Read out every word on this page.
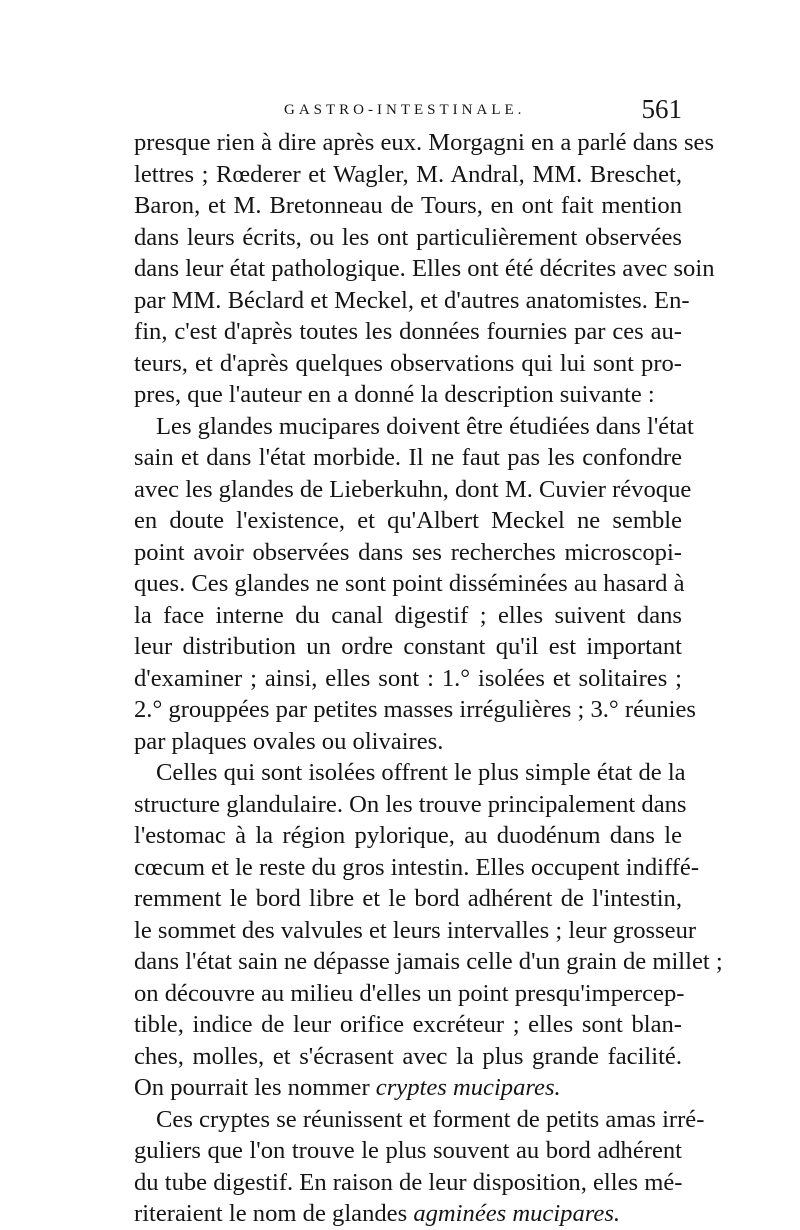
GASTRO-INTESTINALE.	561
presque rien à dire après eux. Morgagni en a parlé dans ses
lettres ; Rœderer et Wagler, M. Andral, MM. Breschet,
Baron, et M. Bretonneau de Tours, en ont fait mention
dans leurs écrits, ou les ont particulièrement observées
dans leur état pathologique. Elles ont été décrites avec soin
par MM. Béclard et Meckel, et d'autres anatomistes. En-
fin, c'est d'après toutes les données fournies par ces au-
teurs, et d'après quelques observations qui lui sont pro-
pres, que l'auteur en a donné la description suivante :
Les glandes mucipares doivent être étudiées dans l'état
sain et dans l'état morbide. Il ne faut pas les confondre
avec les glandes de Lieberkuhn, dont M. Cuvier révoque
en doute l'existence, et qu'Albert Meckel ne semble
point avoir observées dans ses recherches microscopi-
ques. Ces glandes ne sont point disséminées au hasard à
la face interne du canal digestif ; elles suivent dans
leur distribution un ordre constant qu'il est important
d'examiner ; ainsi, elles sont : 1.° isolées et solitaires ;
2.° grouppées par petites masses irrégulières ; 3.° réunies
par plaques ovales ou olivaires.
Celles qui sont isolées offrent le plus simple état de la
structure glandulaire. On les trouve principalement dans
l'estomac à la région pylorique, au duodénum dans le
cœcum et le reste du gros intestin. Elles occupent indiffé-
remment le bord libre et le bord adhérent de l'intestin,
le sommet des valvules et leurs intervalles ; leur grosseur
dans l'état sain ne dépasse jamais celle d'un grain de millet ;
on découvre au milieu d'elles un point presqu'impercep-
tible, indice de leur orifice excréteur ; elles sont blan-
ches, molles, et s'écrasent avec la plus grande facilité.
On pourrait les nommer cryptes mucipares.
Ces cryptes se réunissent et forment de petits amas irré-
guliers que l'on trouve le plus souvent au bord adhérent
du tube digestif. En raison de leur disposition, elles mé-
riteraient le nom de glandes agminées mucipares.
